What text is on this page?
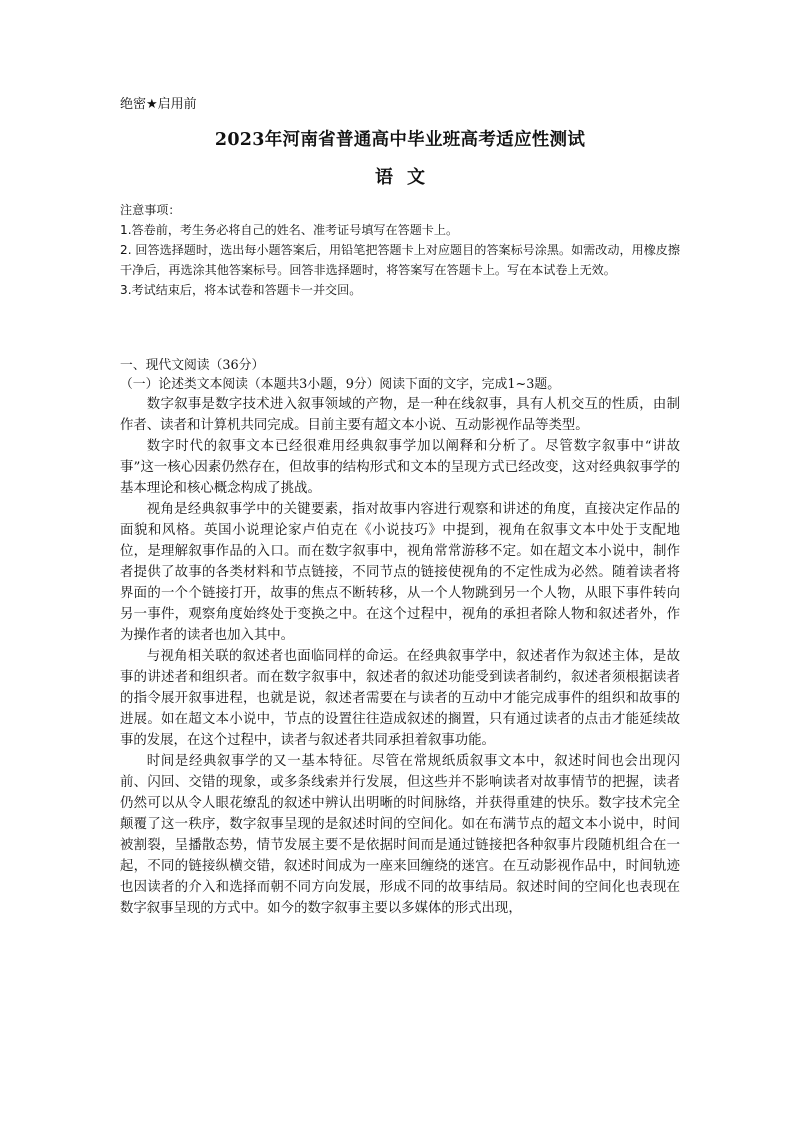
绝密★启用前
2023年河南省普通高中毕业班高考适应性测试
语文

注意事项：

1.答卷前，考生务必将自己的姓名、准考证号填写在答题卡上。

2. 回答选择题时，选出每小题答案后，用铅笔把答题卡上对应题目的答案标号涂黑。如需改动，用橡皮擦干净后，再选涂其他答案标号。回答非选择题时，将答案写在答题卡上。写在本试卷上无效。

3.考试结束后，将本试卷和答题卡一并交回。

一、现代文阅读（36分）

（一）论述类文本阅读（本题共3小题，9分）阅读下面的文字，完成1~3题。

数字叙事是数字技术进入叙事领域的产物，是一种在线叙事，具有人机交互的性质，由制作者、读者和计算机共同完成。目前主要有超文本小说、互动影视作品等类型。

数字时代的叙事文本已经很难用经典叙事学加以阐释和分析了。尽管数字叙事中“讲故事”这一核心因素仍然存在，但故事的结构形式和文本的呈现方式已经改变，这对经典叙事学的基本理论和核心概念构成了挑战。

视角是经典叙事学中的关键要素，指对故事内容进行观察和讲述的角度，直接决定作品的面貌和风格。英国小说理论家卢伯克在《小说技巧》中提到，视角在叙事文本中处于支配地位，是理解叙事作品的入口。而在数字叙事中，视角常常游移不定。如在超文本小说中，制作者提供了故事的各类材料和节点链接，不同节点的链接使视角的不定性成为必然。随着读者将界面的一个个链接打开，故事的焦点不断转移，从一个人物跳到另一个人物，从眼下事件转向另一事件，观察角度始终处于变换之中。在这个过程中，视角的承担者除人物和叙述者外，作为操作者的读者也加入其中。

与视角相关联的叙述者也面临同样的命运。在经典叙事学中，叙述者作为叙述主体，是故事的讲述者和组织者。而在数字叙事中，叙述者的叙述功能受到读者制约，叙述者须根据读者的指令展开叙事进程，也就是说，叙述者需要在与读者的互动中才能完成事件的组织和故事的进展。如在超文本小说中，节点的设置往往造成叙述的搁置，只有通过读者的点击才能延续故事的发展，在这个过程中，读者与叙述者共同承担着叙事功能。

时间是经典叙事学的又一基本特征。尽管在常规纸质叙事文本中，叙述时间也会出现闪前、闪回、交错的现象，或多条线索并行发展，但这些并不影响读者对故事情节的把握，读者仍然可以从令人眼花缭乱的叙述中辨认出明晰的时间脉络，并获得重建的快乐。数字技术完全颠覆了这一秩序，数字叙事呈现的是叙述时间的空间化。如在布满节点的超文本小说中，时间被割裂，呈播散态势，情节发展主要不是依据时间而是通过链接把各种叙事片段随机组合在一起，不同的链接纵横交错，叙述时间成为一座来回缠绕的迷宫。在互动影视作品中，时间轨迹也因读者的介入和选择而朝不同方向发展，形成不同的故事结局。叙述时间的空间化也表现在数字叙事呈现的方式中。如今的数字叙事主要以多媒体的形式出现，
